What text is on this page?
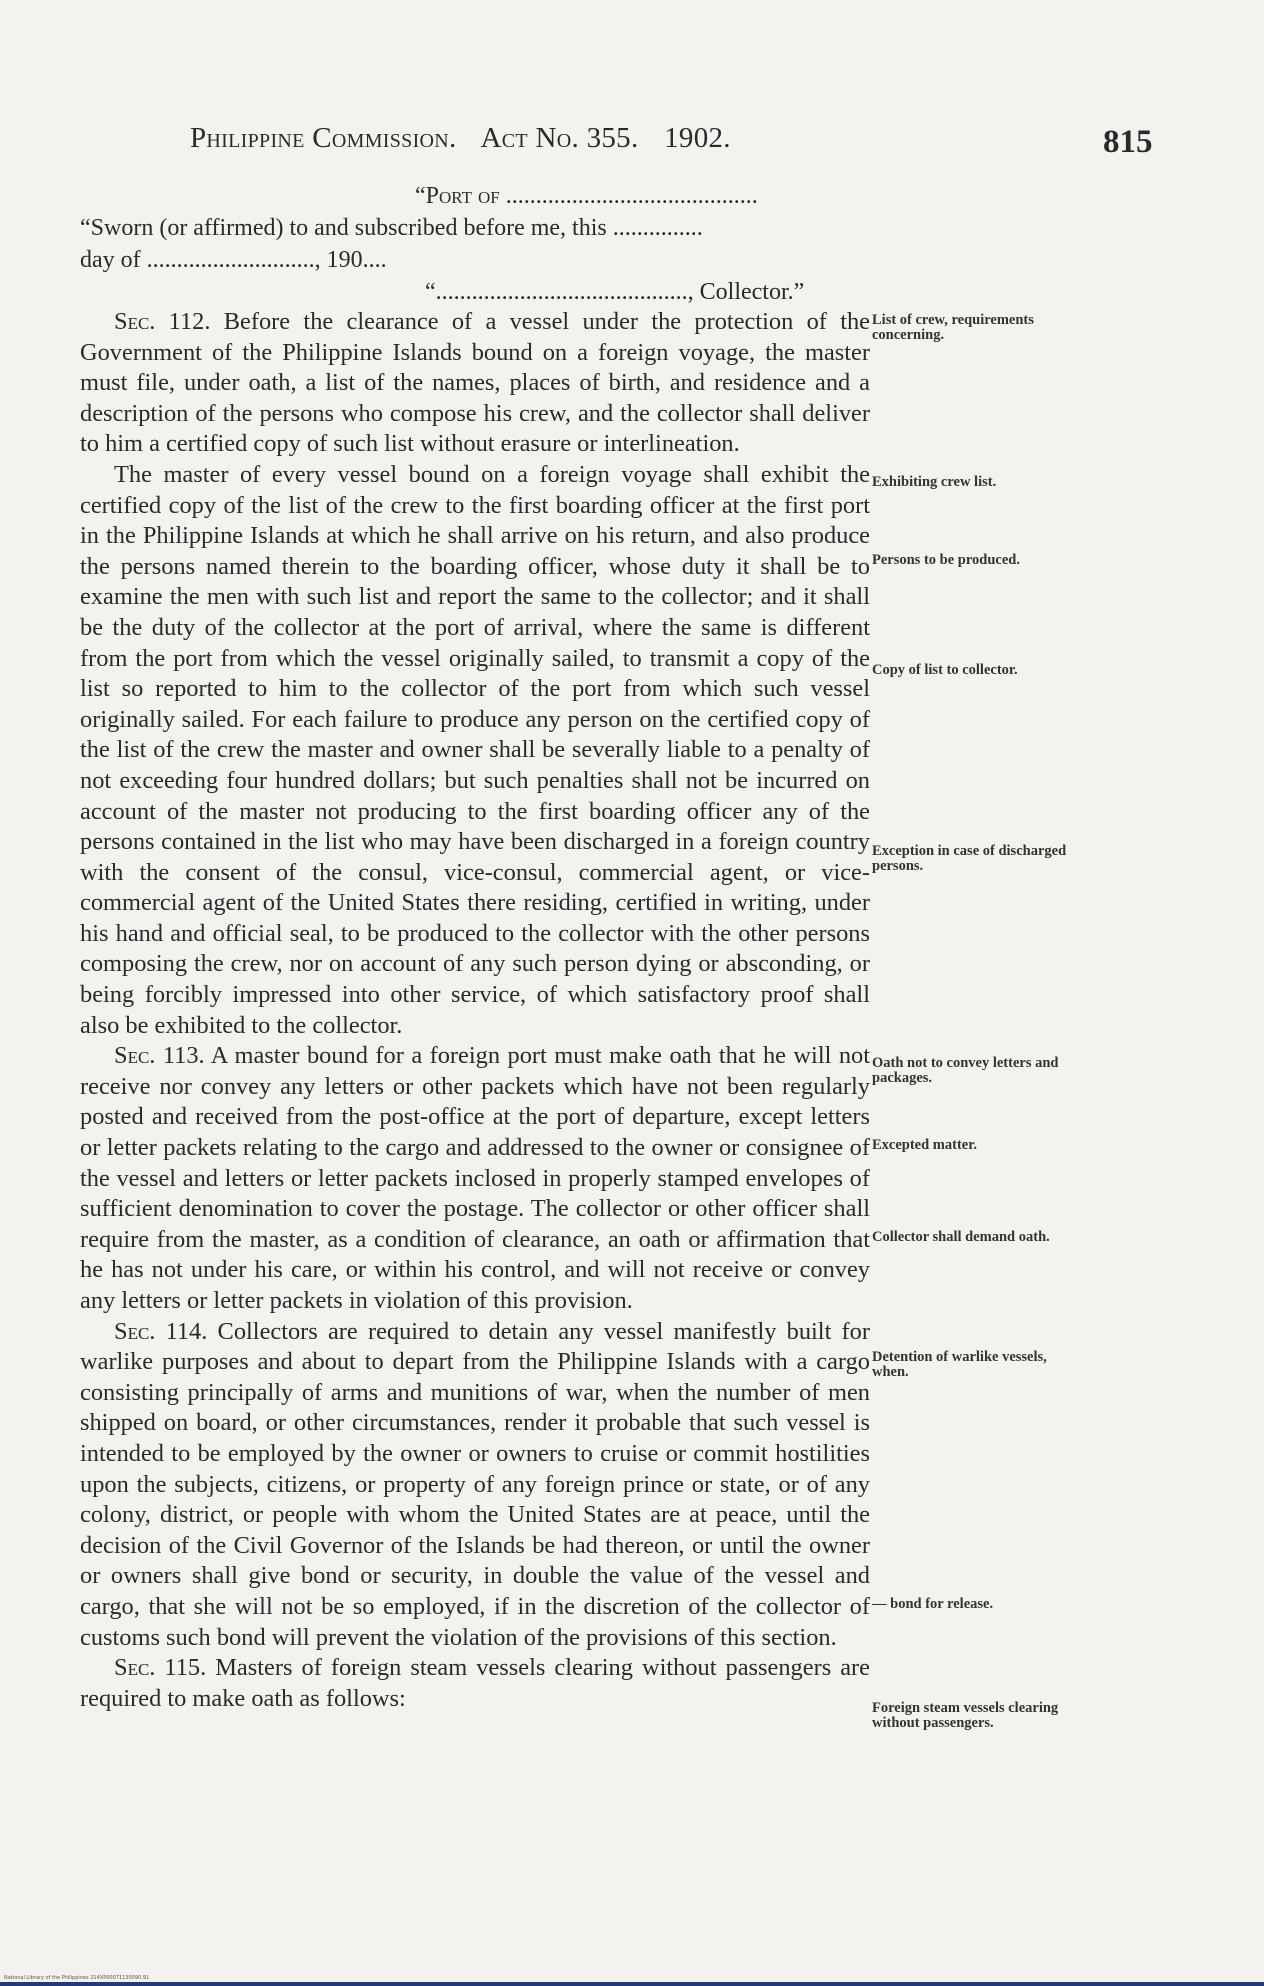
Philippine Commission. Act No. 355. 1902.	815
“Port of ..........................................
“Sworn (or affirmed) to and subscribed before me, this ...............
day of ............................, 190....
“.........................................., Collector.”

Sec. 112. Before the clearance of a vessel under the protection of the Government of the Philippine Islands bound on a foreign voyage, the master must file, under oath, a list of the names, places of birth, and residence and a description of the persons who compose his crew, and the collector shall deliver to him a certified copy of such list without erasure or interlineation.

The master of every vessel bound on a foreign voyage shall exhibit the certified copy of the list of the crew to the first boarding officer at the first port in the Philippine Islands at which he shall arrive on his return, and also produce the persons named therein to the boarding officer, whose duty it shall be to examine the men with such list and report the same to the collector; and it shall be the duty of the collector at the port of arrival, where the same is different from the port from which the vessel originally sailed, to transmit a copy of the list so reported to him to the collector of the port from which such vessel originally sailed. For each failure to produce any person on the certified copy of the list of the crew the master and owner shall be severally liable to a penalty of not exceeding four hundred dollars; but such penalties shall not be incurred on account of the master not producing to the first boarding officer any of the persons contained in the list who may have been discharged in a foreign country with the consent of the consul, vice-consul, commercial agent, or vice-commercial agent of the United States there residing, certified in writing, under his hand and official seal, to be produced to the collector with the other persons composing the crew, nor on account of any such person dying or absconding, or being forcibly impressed into other service, of which satisfactory proof shall also be exhibited to the collector.

Sec. 113. A master bound for a foreign port must make oath that he will not receive nor convey any letters or other packets which have not been regularly posted and received from the post-office at the port of departure, except letters or letter packets relating to the cargo and addressed to the owner or consignee of the vessel and letters or letter packets inclosed in properly stamped envelopes of sufficient denomination to cover the postage. The collector or other officer shall require from the master, as a condition of clearance, an oath or affirmation that he has not under his care, or within his control, and will not receive or convey any letters or letter packets in violation of this provision.

Sec. 114. Collectors are required to detain any vessel manifestly built for warlike purposes and about to depart from the Philippine Islands with a cargo consisting principally of arms and munitions of war, when the number of men shipped on board, or other circumstances, render it probable that such vessel is intended to be employed by the owner or owners to cruise or commit hostilities upon the subjects, citizens, or property of any foreign prince or state, or of any colony, district, or people with whom the United States are at peace, until the decision of the Civil Governor of the Islands be had thereon, or until the owner or owners shall give bond or security, in double the value of the vessel and cargo, that she will not be so employed, if in the discretion of the collector of customs such bond will prevent the violation of the provisions of this section.

Sec. 115. Masters of foreign steam vessels clearing without passengers are required to make oath as follows:

List of crew, requirements concerning.
Exhibiting crew list.
Persons to be produced.
Copy of list to collector.
Exception in case of discharged persons.
Oath not to convey letters and packages.
Excepted matter.
Collector shall demand oath.
Detention of warlike vessels, when.
— bond for release.
Foreign steam vessels clearing without passengers.
National Library of the Philippines 214XP00071130090.91
